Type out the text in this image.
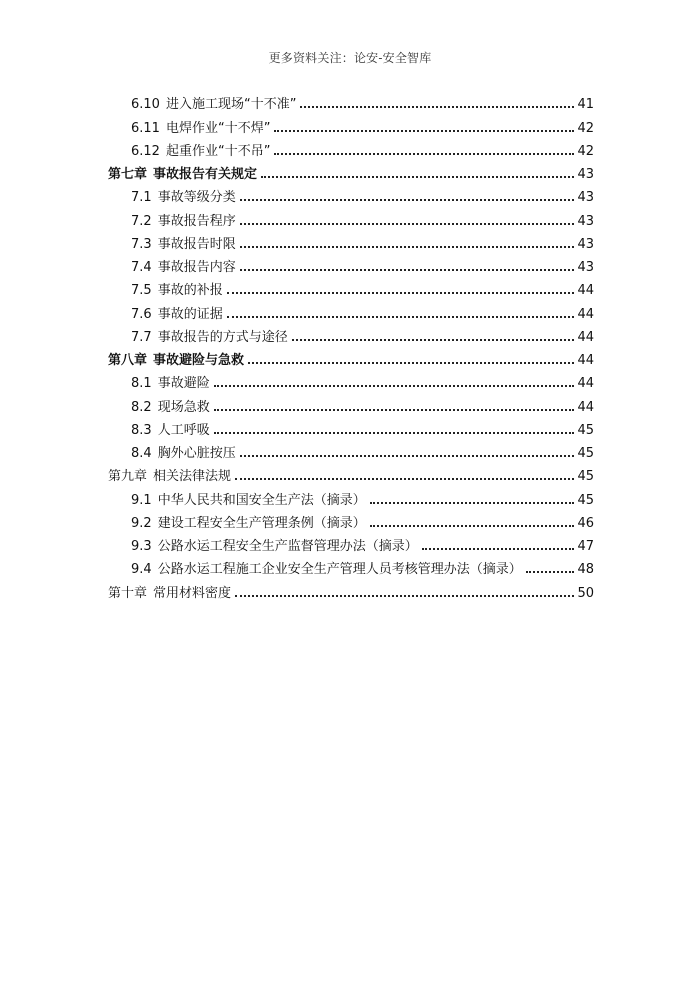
更多资料关注：论安-安全智库
6.10 进入施工现场“十不准”	41
6.11 电焊作业“十不焊”	42
6.12 起重作业“十不吊”	42
第七章 事故报告有关规定	43
7.1 事故等级分类	43
7.2 事故报告程序	43
7.3 事故报告时限	43
7.4 事故报告内容	43
7.5 事故的补报	44
7.6 事故的证据	44
7.7 事故报告的方式与途径	44
第八章 事故避险与急救	44
8.1 事故避险	44
8.2 现场急救	44
8.3 人工呼吸	45
8.4 胸外心脏按压	45
第九章 相关法律法规	45
9.1 中华人民共和国安全生产法（摘录）	45
9.2 建设工程安全生产管理条例（摘录）	46
9.3 公路水运工程安全生产监督管理办法（摘录）	47
9.4 公路水运工程施工企业安全生产管理人员考核管理办法（摘录）	48
第十章 常用材料密度	50
